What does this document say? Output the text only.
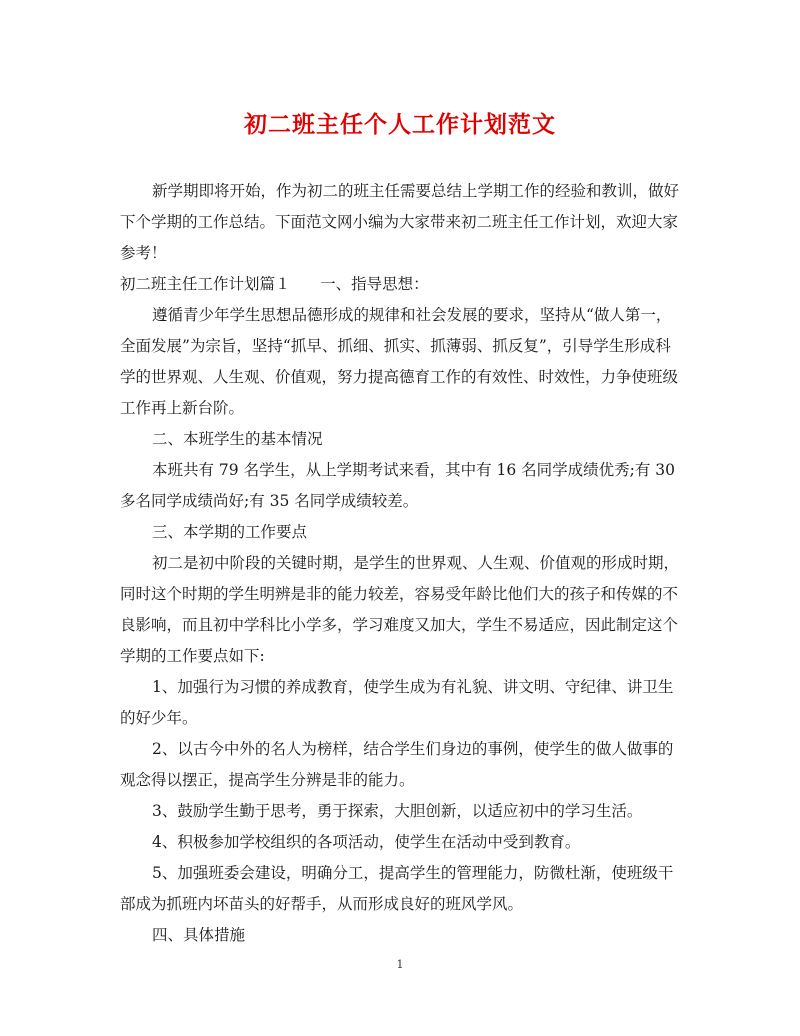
初二班主任个人工作计划范文

新学期即将开始，作为初二的班主任需要总结上学期工作的经验和教训，做好下个学期的工作总结。下面范文网小编为大家带来初二班主任工作计划，欢迎大家参考！

初二班主任工作计划篇１ 一、指导思想：

遵循青少年学生思想品德形成的规律和社会发展的要求，坚持从“做人第一，全面发展”为宗旨，坚持“抓早、抓细、抓实、抓薄弱、抓反复”，引导学生形成科学的世界观、人生观、价值观，努力提高德育工作的有效性、时效性，力争使班级工作再上新台阶。

二、本班学生的基本情况

本班共有 79 名学生，从上学期考试来看，其中有 16 名同学成绩优秀;有 30 多名同学成绩尚好;有 35 名同学成绩较差。

三、本学期的工作要点

初二是初中阶段的关键时期，是学生的世界观、人生观、价值观的形成时期，同时这个时期的学生明辨是非的能力较差，容易受年龄比他们大的孩子和传媒的不良影响，而且初中学科比小学多，学习难度又加大，学生不易适应，因此制定这个学期的工作要点如下:

1、加强行为习惯的养成教育，使学生成为有礼貌、讲文明、守纪律、讲卫生的好少年。

2、以古今中外的名人为榜样，结合学生们身边的事例，使学生的做人做事的观念得以摆正，提高学生分辨是非的能力。

3、鼓励学生勤于思考，勇于探索，大胆创新，以适应初中的学习生活。

4、积极参加学校组织的各项活动，使学生在活动中受到教育。

5、加强班委会建设，明确分工，提高学生的管理能力，防微杜渐，使班级干部成为抓班内坏苗头的好帮手，从而形成良好的班风学风。

四、具体措施

1
